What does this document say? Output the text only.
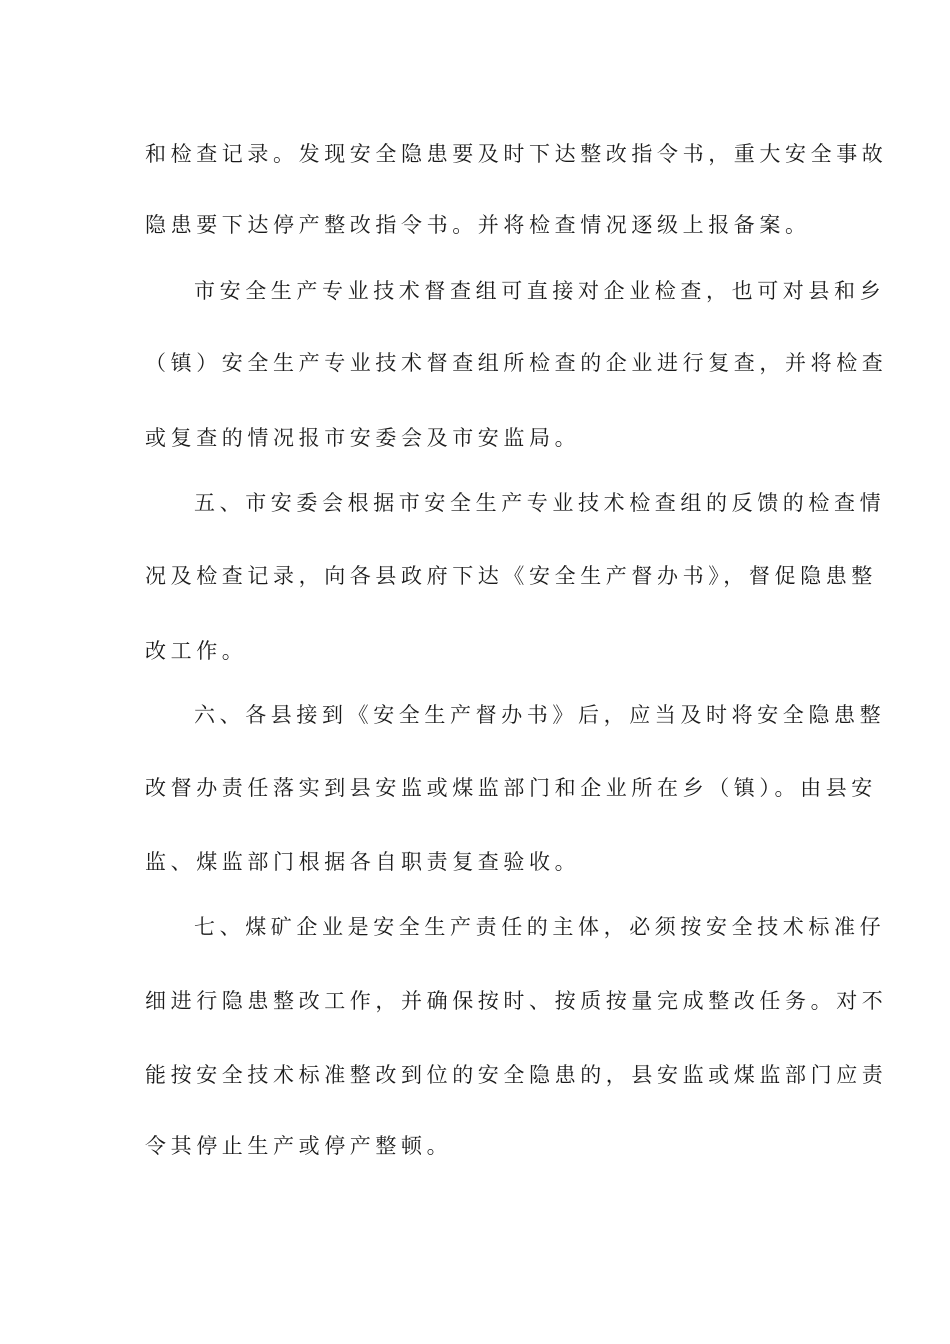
和检查记录。发现安全隐患要及时下达整改指令书，重大安全事故

隐患要下达停产整改指令书。并将检查情况逐级上报备案。

市安全生产专业技术督查组可直接对企业检查，也可对县和乡

（镇）安全生产专业技术督查组所检查的企业进行复查，并将检查

或复查的情况报市安委会及市安监局。

五、市安委会根据市安全生产专业技术检查组的反馈的检查情

况及检查记录，向各县政府下达《安全生产督办书》，督促隐患整

改工作。

六、各县接到《安全生产督办书》后，应当及时将安全隐患整

改督办责任落实到县安监或煤监部门和企业所在乡（镇）。由县安

监、煤监部门根据各自职责复查验收。

七、煤矿企业是安全生产责任的主体，必须按安全技术标准仔

细进行隐患整改工作，并确保按时、按质按量完成整改任务。对不

能按安全技术标准整改到位的安全隐患的，县安监或煤监部门应责

令其停止生产或停产整顿。
